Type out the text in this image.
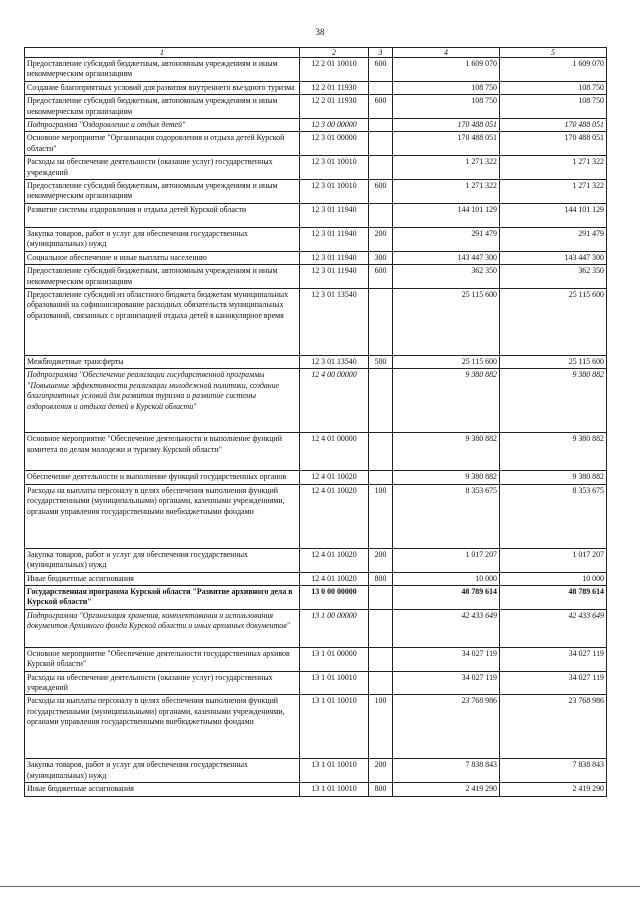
38
1	2	3	4	5
Предоставление субсидий бюджетным, автономным учреждениям и иным некоммерческим организациям	12 2 01 10010	600	1 609 070	1 609 070
Создание благоприятных условий для развития внутреннего въездного туризма	12 2 01 11930		108 750	108 750
Предоставление субсидий бюджетным, автономным учреждениям и иным некоммерческим организациям	12 2 01 11930	600	108 750	108 750
Подпрограмма "Оздоровление и отдых детей"	12 3 00 00000		170 488 051	170 488 051
Основное мероприятие "Организация оздоровления и отдыха детей Курской области"	12 3 01 00000		170 488 051	170 488 051
Расходы на обеспечение деятельности (оказание услуг) государственных учреждений	12 3 01 10010		1 271 322	1 271 322
Предоставление субсидий бюджетным, автономным учреждениям и иным некоммерческим организациям	12 3 01 10010	600	1 271 322	1 271 322
Развитие системы оздоровления и отдыха детей Курской области	12 3 01 11940		144 101 129	144 101 129
Закупка товаров, работ и услуг для обеспечения государственных (муниципальных) нужд	12 3 01 11940	200	291 479	291 479
Социальное обеспечение и иные выплаты населению	12 3 01 11940	300	143 447 300	143 447 300
Предоставление субсидий бюджетным, автономным учреждениям и иным некоммерческим организациям	12 3 01 11940	600	362 350	362 350
Предоставление субсидий из областного бюджета бюджетам муниципальных образований на софинансирование расходных обязательств муниципальных образований, связанных с организацией отдыха детей в каникулярное время	12 3 01 13540		25 115 600	25 115 600
Межбюджетные трансферты	12 3 01 13540	500	25 115 600	25 115 600
Подпрограмма "Обеспечение реализации государственной программы "Повышение эффективности реализации молодежной политики, создание благоприятных условий для развития туризма и развитие системы оздоровления и отдыха детей в Курской области"	12 4 00 00000		9 380 882	9 380 882
Основное мероприятие "Обеспечение деятельности и выполнение функций комитета по делам молодежи и туризму Курской области"	12 4 01 00000		9 380 882	9 380 882
Обеспечение деятельности и выполнение функций государственных органов	12 4 01 10020		9 380 882	9 380 882
Расходы на выплаты персоналу в целях обеспечения выполнения функций государственными (муниципальными) органами, казенными учреждениями, органами управления государственными внебюджетными фондами	12 4 01 10020	100	8 353 675	8 353 675
Закупка товаров, работ и услуг для обеспечения государственных (муниципальных) нужд	12 4 01 10020	200	1 017 207	1 017 207
Иные бюджетные ассигнования	12 4 01 10020	800	10 000	10 000
Государственная программа Курской области "Развитие архивного дела в Курской области"	13 0 00 00000		48 789 614	48 789 614
Подпрограмма "Организация хранения, комплектования и использования документов Архивного фонда Курской области и иных архивных документов"	13 1 00 00000		42 433 649	42 433 649
Основное мероприятие "Обеспечение деятельности государственных архивов Курской области"	13 1 01 00000		34 027 119	34 027 119
Расходы на обеспечение деятельности (оказание услуг) государственных учреждений	13 1 01 10010		34 027 119	34 027 119
Расходы на выплаты персоналу в целях обеспечения выполнения функций государственными (муниципальными) органами, казенными учреждениями, органами управления государственными внебюджетными фондами	13 1 01 10010	100	23 768 986	23 768 986
Закупка товаров, работ и услуг для обеспечения государственных (муниципальных) нужд	13 1 01 10010	200	7 838 843	7 838 843
Иные бюджетные ассигнования	13 1 01 10010	800	2 419 290	2 419 290
